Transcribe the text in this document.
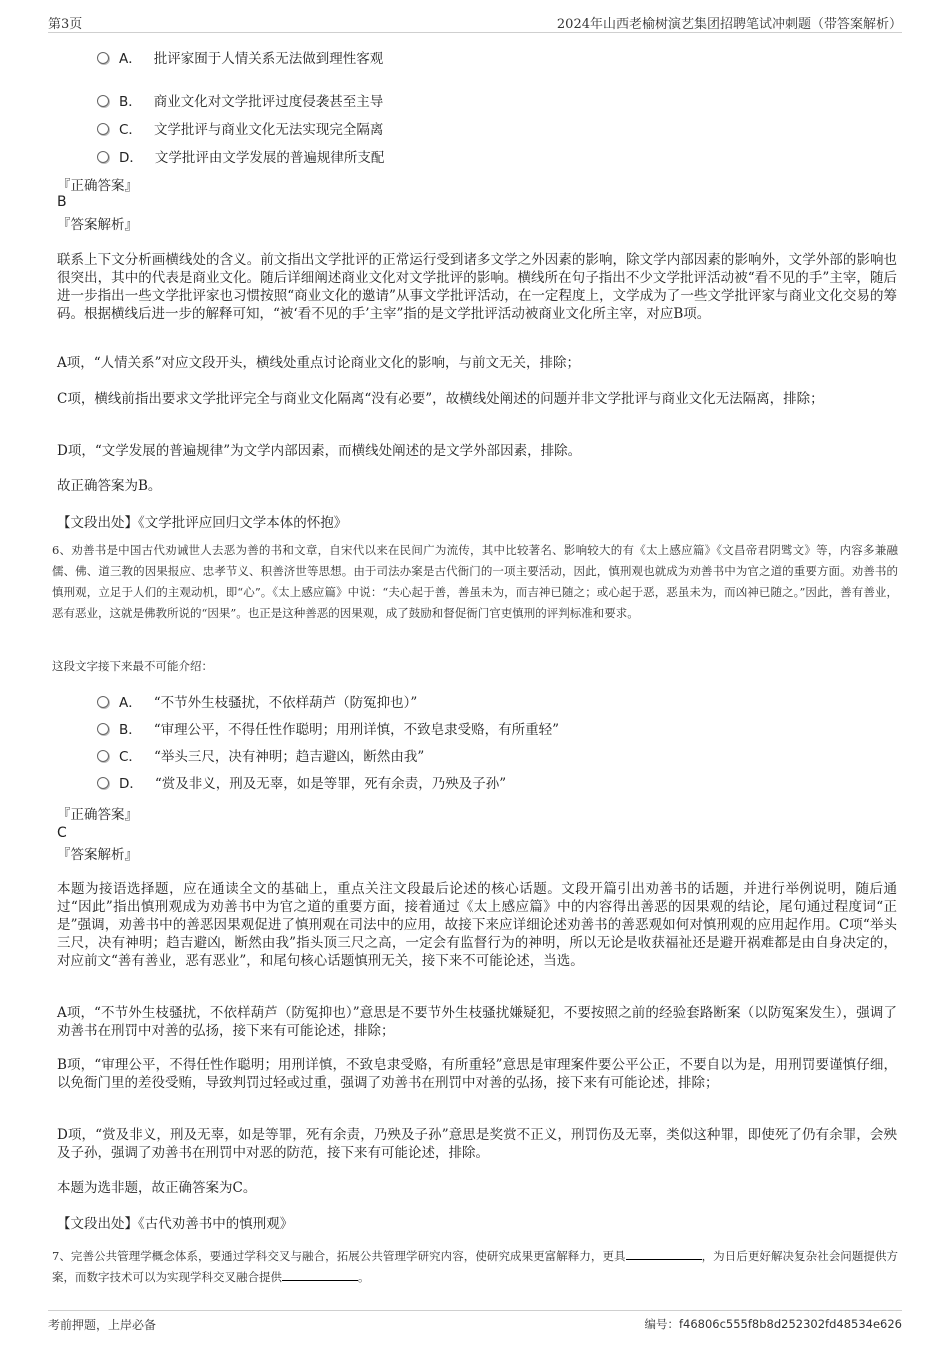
第3页	2024年山西老榆树演艺集团招聘笔试冲刺题（带答案解析）
A． 批评家囿于人情关系无法做到理性客观
B． 商业文化对文学批评过度侵袭甚至主导
C． 文学批评与商业文化无法实现完全隔离
D． 文学批评由文学发展的普遍规律所支配
『正确答案』
B
『答案解析』
联系上下文分析画横线处的含义。前文指出文学批评的正常运行受到诸多文学之外因素的影响，除文学内部因素的影响外，文学外部的影响也很突出，其中的代表是商业文化。随后详细阐述商业文化对文学批评的影响。横线所在句子指出不少文学批评活动被“看不见的手”主宰，随后进一步指出一些文学批评家也习惯按照“商业文化的邀请”从事文学批评活动，在一定程度上，文学成为了一些文学批评家与商业文化交易的筹码。根据横线后进一步的解释可知，“被‘看不见的手’主宰”指的是文学批评活动被商业文化所主宰，对应B项。
A项，“人情关系”对应文段开头，横线处重点讨论商业文化的影响，与前文无关，排除；
C项，横线前指出要求文学批评完全与商业文化隔离“没有必要”，故横线处阐述的问题并非文学批评与商业文化无法隔离，排除；
D项，“文学发展的普遍规律”为文学内部因素，而横线处阐述的是文学外部因素，排除。
故正确答案为B。
【文段出处】《文学批评应回归文学本体的怀抱》
6、劝善书是中国古代劝诫世人去恶为善的书和文章，自宋代以来在民间广为流传，其中比较著名、影响较大的有《太上感应篇》《文昌帝君阴骘文》等，内容多兼融儒、佛、道三教的因果报应、忠孝节义、积善济世等思想。由于司法办案是古代衙门的一项主要活动，因此，慎刑观也就成为劝善书中为官之道的重要方面。劝善书的慎刑观，立足于人们的主观动机，即“心”。《太上感应篇》中说：“夫心起于善，善虽未为，而吉神已随之；或心起于恶，恶虽未为，而凶神已随之。”因此，善有善业，恶有恶业，这就是佛教所说的“因果”。也正是这种善恶的因果观，成了鼓励和督促衙门官吏慎刑的评判标准和要求。
这段文字接下来最不可能介绍：
A． “不节外生枝骚扰，不依样葫芦（防冤抑也）”
B． “审理公平，不得任性作聪明；用刑详慎，不致皂隶受赂，有所重轻”
C． “举头三尺，决有神明；趋吉避凶，断然由我”
D． “赏及非义，刑及无辜，如是等罪，死有余责，乃殃及子孙”
『正确答案』
C
『答案解析』
本题为接语选择题，应在通读全文的基础上，重点关注文段最后论述的核心话题。文段开篇引出劝善书的话题，并进行举例说明，随后通过“因此”指出慎刑观成为劝善书中为官之道的重要方面，接着通过《太上感应篇》中的内容得出善恶的因果观的结论，尾句通过程度词“正是”强调，劝善书中的善恶因果观促进了慎刑观在司法中的应用，故接下来应详细论述劝善书的善恶观如何对慎刑观的应用起作用。C项“举头三尺，决有神明；趋吉避凶，断然由我”指头顶三尺之高，一定会有监督行为的神明，所以无论是收获福祉还是避开祸难都是由自身决定的，对应前文“善有善业，恶有恶业”，和尾句核心话题慎刑无关，接下来不可能论述，当选。
A项，“不节外生枝骚扰，不依样葫芦（防冤抑也）”意思是不要节外生枝骚扰嫌疑犯，不要按照之前的经验套路断案（以防冤案发生），强调了劝善书在刑罚中对善的弘扬，接下来有可能论述，排除；
B项，“审理公平，不得任性作聪明；用刑详慎，不致皂隶受赂，有所重轻”意思是审理案件要公平公正，不要自以为是，用刑罚要谨慎仔细，以免衙门里的差役受贿，导致判罚过轻或过重，强调了劝善书在刑罚中对善的弘扬，接下来有可能论述，排除；
D项，“赏及非义，刑及无辜，如是等罪，死有余责，乃殃及子孙”意思是奖赏不正义，刑罚伤及无辜，类似这种罪，即使死了仍有余罪，会殃及子孙，强调了劝善书在刑罚中对恶的防范，接下来有可能论述，排除。
本题为选非题，故正确答案为C。
【文段出处】《古代劝善书中的慎刑观》
7、完善公共管理学概念体系，要通过学科交叉与融合，拓展公共管理学研究内容，使研究成果更富解释力，更具	，为日后更好解决复杂社会问题提供方案，而数字技术可以为实现学科交叉融合提供	。
考前押题，上岸必备	编号：f46806c555f8b8d252302fd48534e626
